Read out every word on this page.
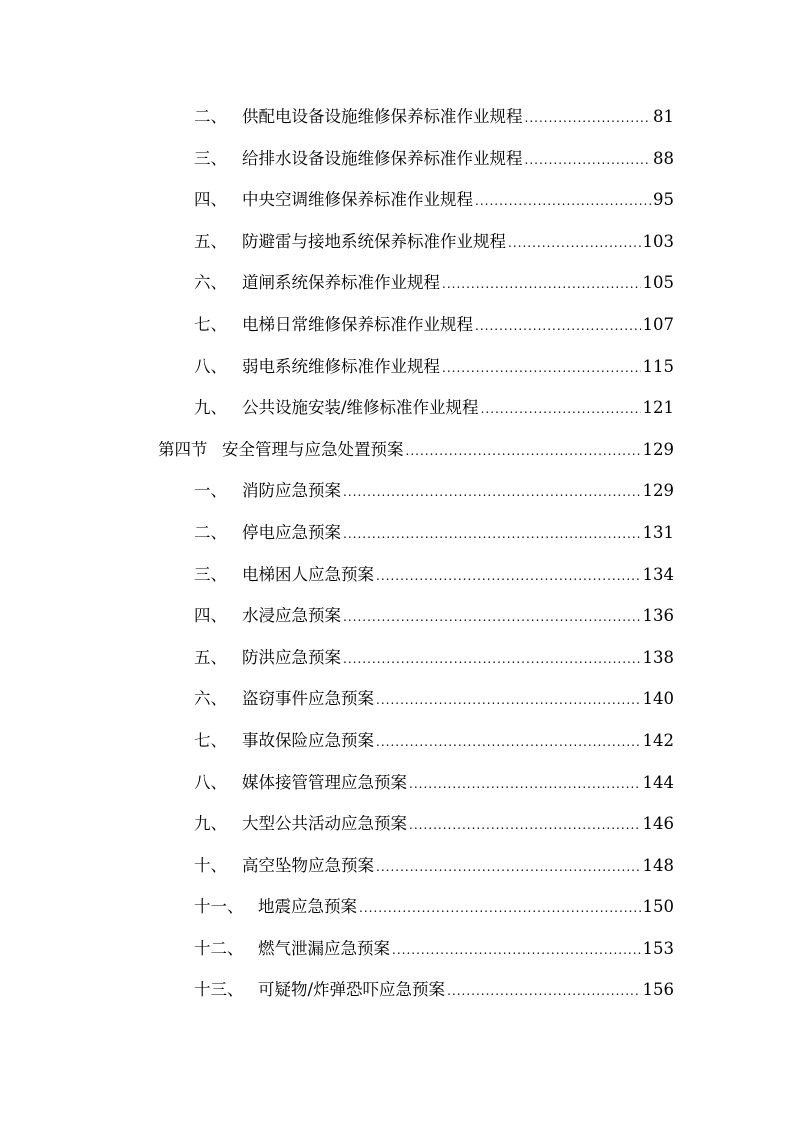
二、 供配电设备设施维修保养标准作业规程 .....	81
三、 给排水设备设施维修保养标准作业规程 .....	88
四、 中央空调维修保养标准作业规程 .....	95
五、 防避雷与接地系统保养标准作业规程 .....	103
六、 道闸系统保养标准作业规程 .....	105
七、 电梯日常维修保养标准作业规程 .....	107
八、 弱电系统维修标准作业规程 .....	115
九、 公共设施安装/维修标准作业规程 .....	121
第四节 安全管理与应急处置预案 .....	129
一、 消防应急预案 .....	129
二、 停电应急预案 .....	131
三、 电梯困人应急预案 .....	134
四、 水浸应急预案 .....	136
五、 防洪应急预案 .....	138
六、 盗窃事件应急预案 .....	140
七、 事故保险应急预案 .....	142
八、 媒体接管管理应急预案 .....	144
九、 大型公共活动应急预案 .....	146
十、 高空坠物应急预案 .....	148
十一、 地震应急预案 .....	150
十二、 燃气泄漏应急预案 .....	153
十三、 可疑物/炸弹恐吓应急预案 .....	156
